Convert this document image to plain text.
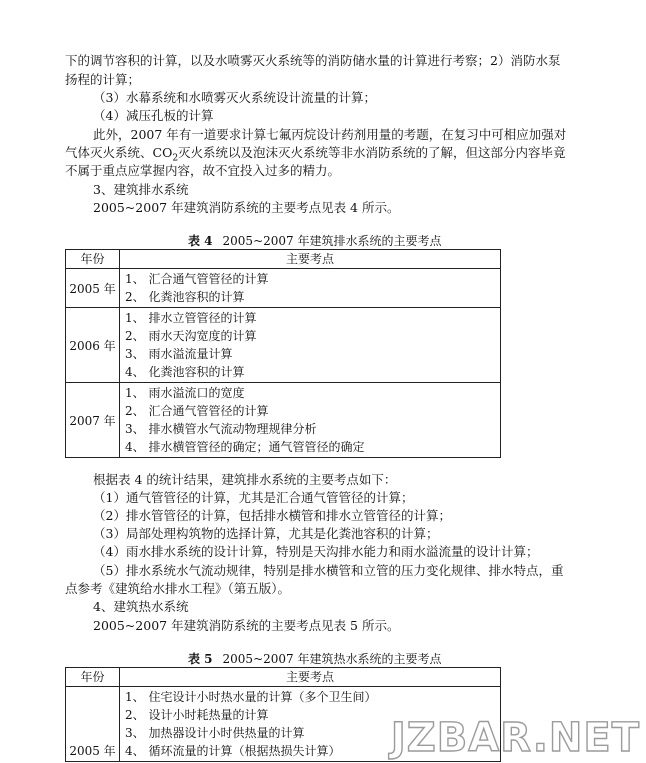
下的调节容积的计算，以及水喷雾灭火系统等的消防储水量的计算进行考察；2）消防水泵
扬程的计算；
（3）水幕系统和水喷雾灭火系统设计流量的计算；
（4）减压孔板的计算
此外，2007 年有一道要求计算七氟丙烷设计药剂用量的考题，在复习中可相应加强对
气体灭火系统、$CO_2$灭火系统以及泡沫灭火系统等非水消防系统的了解，但这部分内容毕竟
不属于重点应掌握内容，故不宜投入过多的精力。
3、建筑排水系统
2005~2007 年建筑消防系统的主要考点见表 4 所示。
表 4 2005~2007 年建筑排水系统的主要考点
年份	主要考点
2005 年	1、 汇合通气管管径的计算
2、 化粪池容积的计算

2006 年	1、 排水立管管径的计算
2、 雨水天沟宽度的计算
3、 雨水溢流量计算
4、 化粪池容积的计算

2007 年	1、 雨水溢流口的宽度
2、 汇合通气管管径的计算
3、 排水横管水气流动物理规律分析
4、 排水横管管径的确定；通气管管径的确定
根据表 4 的统计结果，建筑排水系统的主要考点如下：
（1）通气管管径的计算，尤其是汇合通气管管径的计算；
（2）排水管管径的计算，包括排水横管和排水立管管径的计算；
（3）局部处理构筑物的选择计算，尤其是化粪池容积的计算；
（4）雨水排水系统的设计计算，特别是天沟排水能力和雨水溢流量的设计计算；
（5）排水系统水气流动规律，特别是排水横管和立管的压力变化规律、排水特点，重
点参考《建筑给水排水工程》（第五版）。
4、建筑热水系统
2005~2007 年建筑消防系统的主要考点见表 5 所示。
表 5 2005~2007 年建筑热水系统的主要考点
年份	主要考点
2005 年	1、 住宅设计小时热水量的计算（多个卫生间）
2、 设计小时耗热量的计算
3、 加热器设计小时供热量的计算
4、 循环流量的计算（根据热损失计算）	JZBAR.NET
